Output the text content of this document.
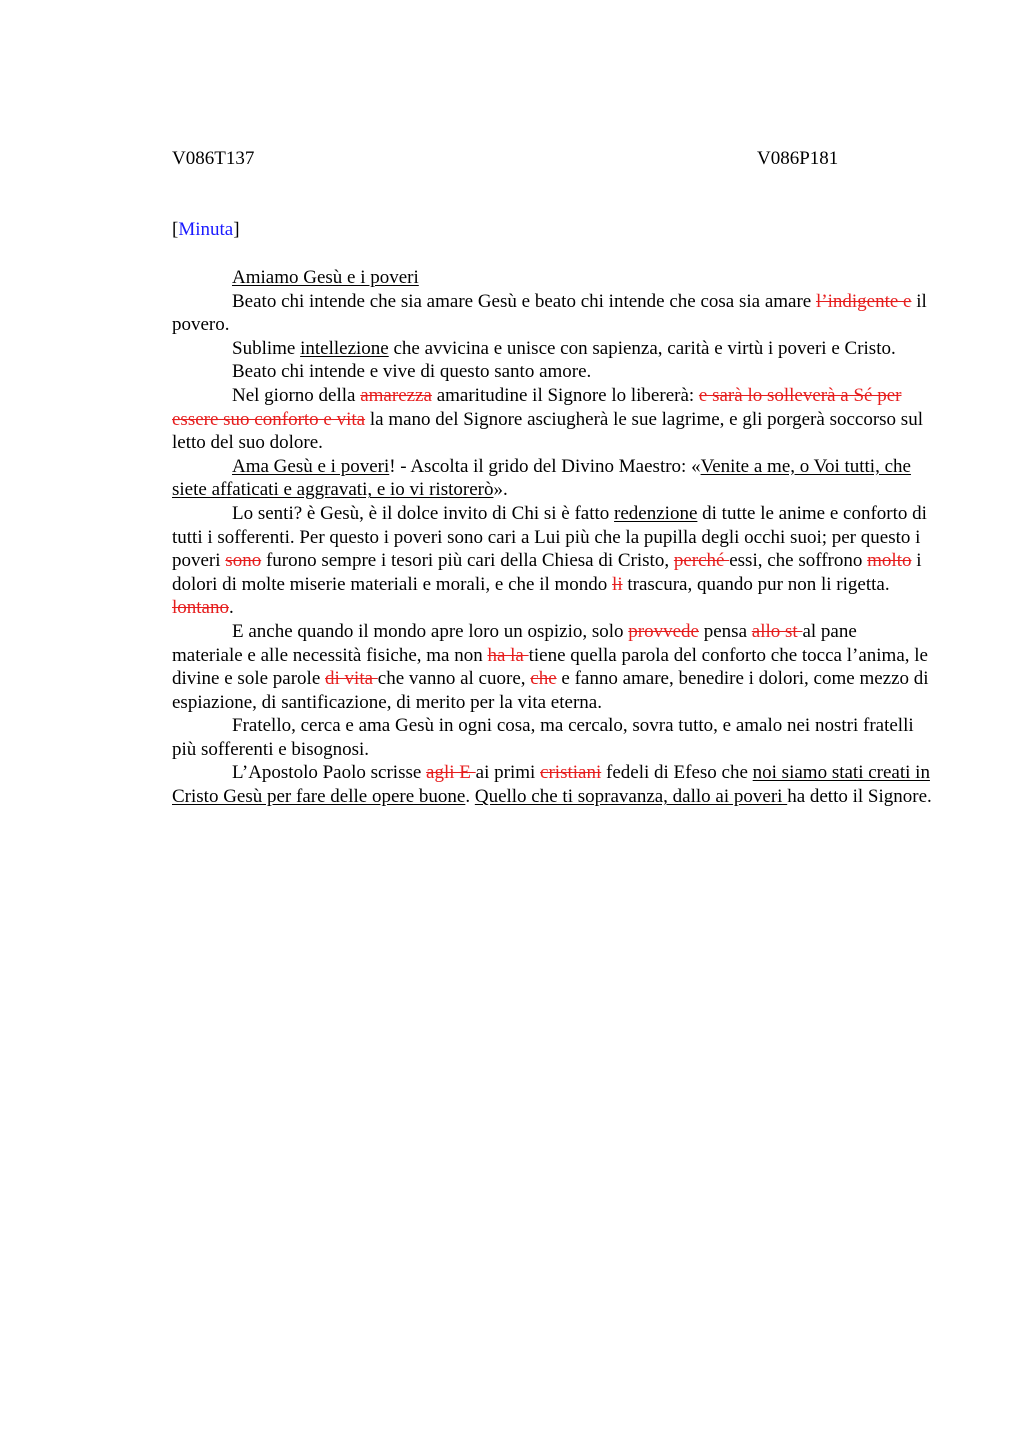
V086T137	V086P181
[Minuta]

Amiamo Gesù e i poveri

Beato chi intende che sia amare Gesù e beato chi intende che cosa sia amare l’indigente e il povero.

Sublime intellezione che avvicina e unisce con sapienza, carità e virtù i poveri e Cristo.

Beato chi intende e vive di questo santo amore.

Nel giorno della amarezza amaritudine il Signore lo libererà: e sarà lo solleverà a Sé per essere suo conforto e vita la mano del Signore asciugherà le sue lagrime, e gli porgerà soccorso sul letto del suo dolore.

Ama Gesù e i poveri! - Ascolta il grido del Divino Maestro: «Venite a me, o Voi tutti, che siete affaticati e aggravati, e io vi ristorerò».

Lo senti? è Gesù, è il dolce invito di Chi si è fatto redenzione di tutte le anime e conforto di tutti i sofferenti. Per questo i poveri sono cari a Lui più che la pupilla degli occhi suoi; per questo i poveri sono furono sempre i tesori più cari della Chiesa di Cristo, perché essi, che soffrono molto i dolori di molte miserie materiali e morali, e che il mondo li trascura, quando pur non li rigetta. lontano.

E anche quando il mondo apre loro un ospizio, solo provvede pensa allo st al pane materiale e alle necessità fisiche, ma non ha la tiene quella parola del conforto che tocca l’anima, le divine e sole parole di vita che vanno al cuore, che e fanno amare, benedire i dolori, come mezzo di espiazione, di santificazione, di merito per la vita eterna.

Fratello, cerca e ama Gesù in ogni cosa, ma cercalo, sovra tutto, e amalo nei nostri fratelli più sofferenti e bisognosi.

L’Apostolo Paolo scrisse agli E ai primi cristiani fedeli di Efeso che noi siamo stati creati in Cristo Gesù per fare delle opere buone. Quello che ti sopravanza, dallo ai poveri ha detto il Signore.
